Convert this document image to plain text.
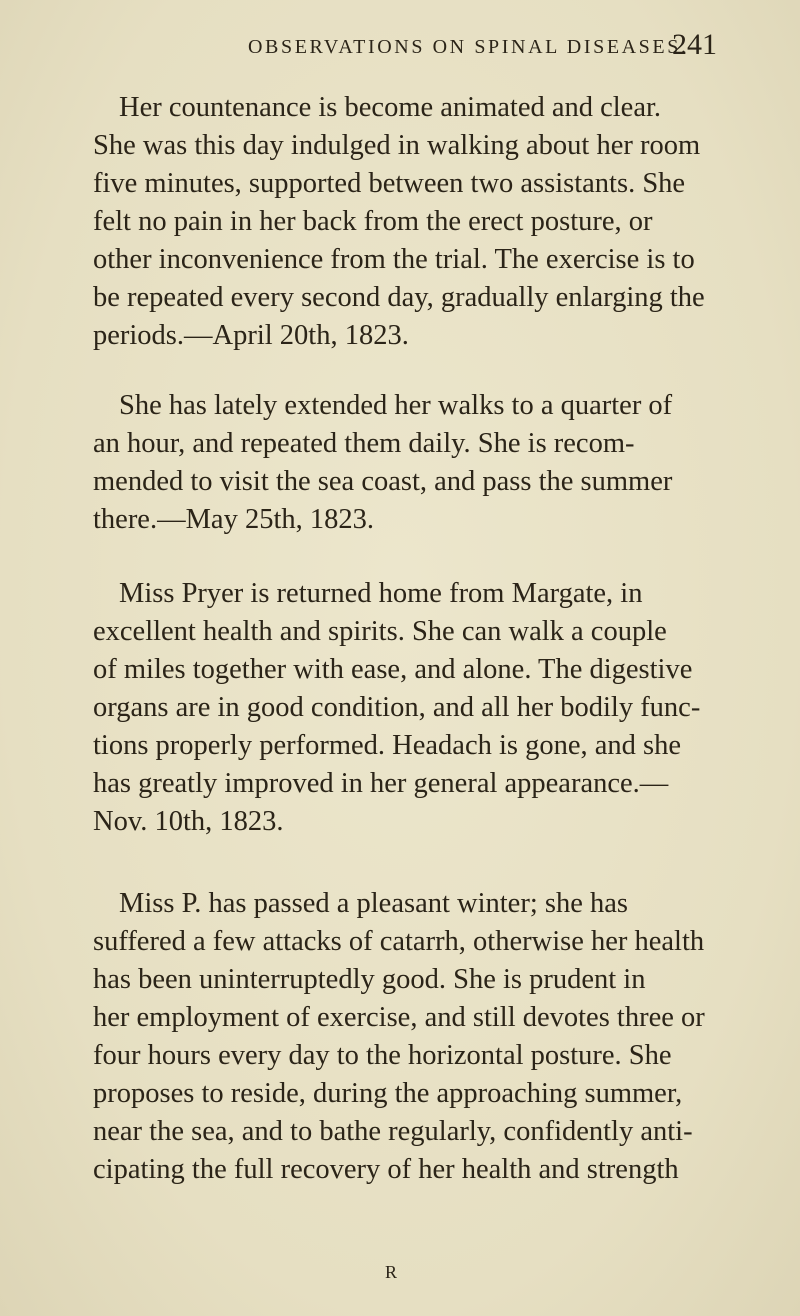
OBSERVATIONS ON SPINAL DISEASES.
241
Her countenance is become animated and clear.
She was this day indulged in walking about her room
five minutes, supported between two assistants. She
felt no pain in her back from the erect posture, or
other inconvenience from the trial. The exercise is to
be repeated every second day, gradually enlarging the
periods.—April 20th, 1823.
She has lately extended her walks to a quarter of
an hour, and repeated them daily. She is recom-
mended to visit the sea coast, and pass the summer
there.—May 25th, 1823.
Miss Pryer is returned home from Margate, in
excellent health and spirits. She can walk a couple
of miles together with ease, and alone. The digestive
organs are in good condition, and all her bodily func-
tions properly performed. Headach is gone, and she
has greatly improved in her general appearance.—
Nov. 10th, 1823.
Miss P. has passed a pleasant winter; she has
suffered a few attacks of catarrh, otherwise her health
has been uninterruptedly good. She is prudent in
her employment of exercise, and still devotes three or
four hours every day to the horizontal posture. She
proposes to reside, during the approaching summer,
near the sea, and to bathe regularly, confidently anti-
cipating the full recovery of her health and strength
R
